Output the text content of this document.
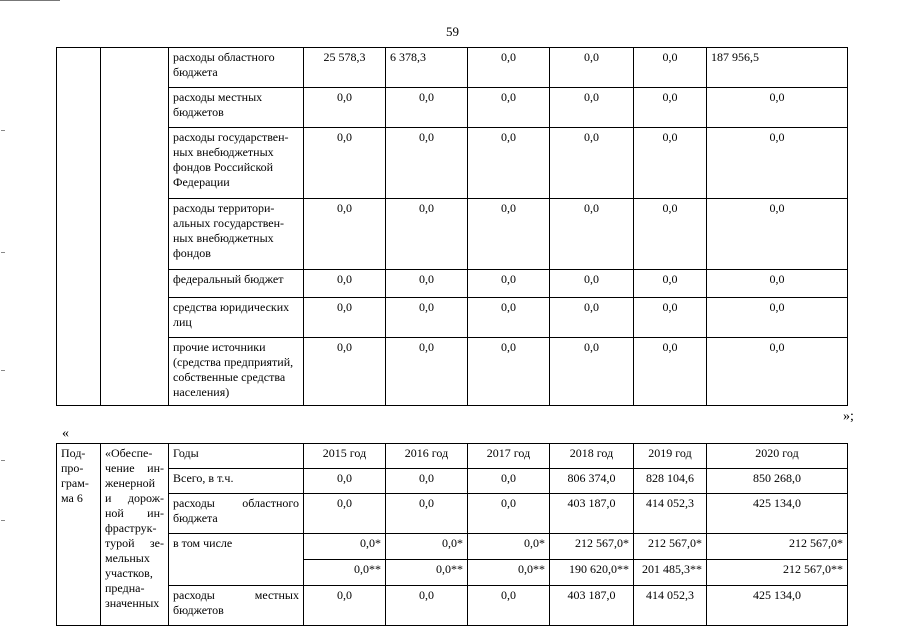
59
		расходы областного бюджета	25 578,3	6 378,3	0,0	0,0	0,0	187 956,5
		расходы местных бюджетов	0,0	0,0	0,0	0,0	0,0	0,0
		расходы государствен-ных внебюджетных фондов Российской Федерации	0,0	0,0	0,0	0,0	0,0	0,0
		расходы территори-альных государствен-ных внебюджетных фондов	0,0	0,0	0,0	0,0	0,0	0,0
		федеральный бюджет	0,0	0,0	0,0	0,0	0,0	0,0
		средства юридических лиц	0,0	0,0	0,0	0,0	0,0	0,0
		прочие источники (средства предприятий, собственные средства населения)	0,0	0,0	0,0	0,0	0,0	0,0
»;
«
Под-про-грам-ма 6	«Обеспе-чение ин-женерной и дорож-ной ин-фраструк-турой зе-мельных участков, предна-значенных	Годы	2015 год	2016 год	2017 год	2018 год	2019 год	2020 год
		Всего, в т.ч.	0,0	0,0	0,0	806 374,0	828 104,6	850 268,0
		расходы областного бюджета	0,0	0,0	0,0	403 187,0	414 052,3	425 134,0
		в том числе	0,0*	0,0*	0,0*	212 567,0*	212 567,0*	212 567,0*
			0,0**	0,0**	0,0**	190 620,0**	201 485,3**	212 567,0**
		расходы местных бюджетов	0,0	0,0	0,0	403 187,0	414 052,3	425 134,0
